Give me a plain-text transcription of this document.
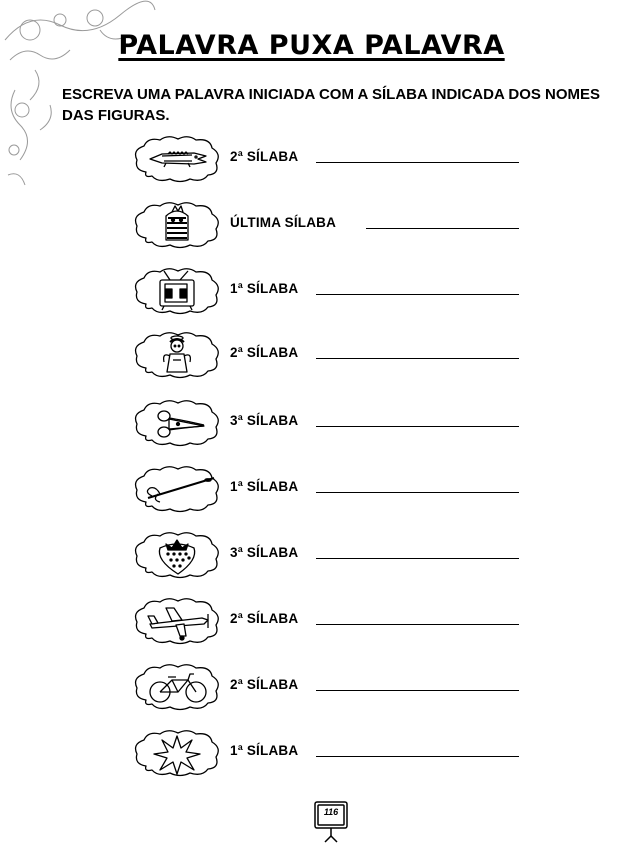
PALAVRA PUXA PALAVRA
ESCREVA UMA PALAVRA INICIADA COM A SÍLABA INDICADA DOS NOMES DAS FIGURAS.
2ª SÍLABA
ÚLTIMA SÍLABA
1ª SÍLABA
2ª SÍLABA
3ª SÍLABA
1ª SÍLABA
3ª SÍLABA
2ª SÍLABA
2ª SÍLABA
1ª SÍLABA
116
